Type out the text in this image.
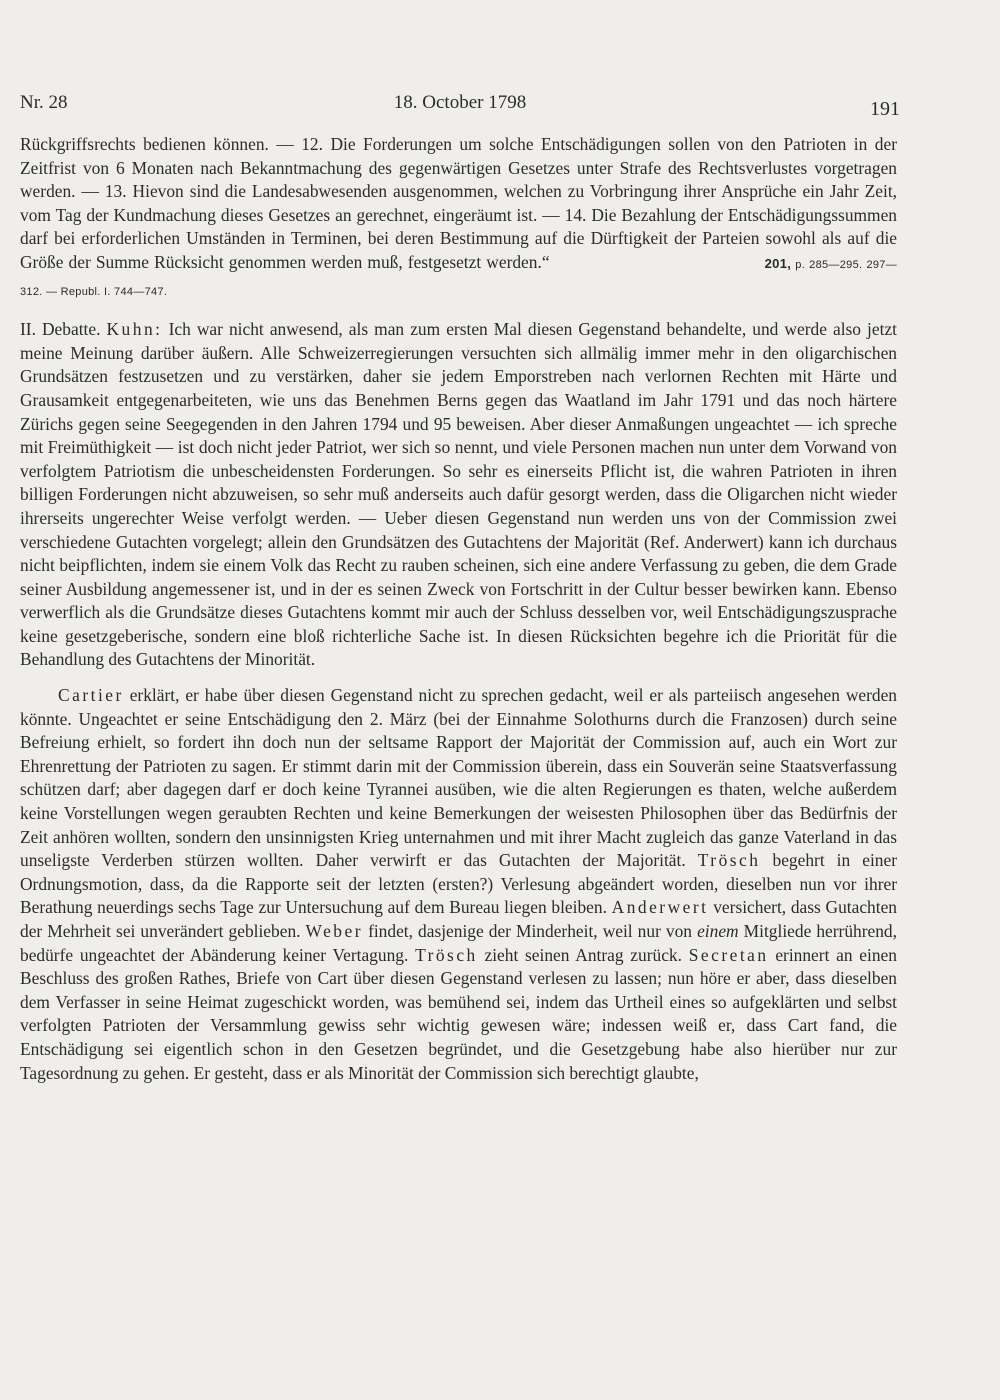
Nr. 28	18. October 1798	191

Rückgriffsrechts bedienen können. — 12. Die Forderungen um solche Entschädigungen sollen von den Patrioten in der Zeitfrist von 6 Monaten nach Bekanntmachung des gegenwärtigen Gesetzes unter Strafe des Rechtsverlustes vorgetragen werden. — 13. Hievon sind die Landesabwesenden ausgenommen, welchen zu Vorbringung ihrer Ansprüche ein Jahr Zeit, vom Tag der Kundmachung dieses Gesetzes an gerechnet, eingeräumt ist. — 14. Die Bezahlung der Entschädigungssummen darf bei erforderlichen Umständen in Terminen, bei deren Bestimmung auf die Dürftigkeit der Parteien sowohl als auf die Größe der Summe Rücksicht genommen werden muß, festgesetzt werden.“	201, p. 285—295. 297—312. — Republ. I. 744—747.

II. Debatte. Kuhn: Ich war nicht anwesend, als man zum ersten Mal diesen Gegenstand behandelte, und werde also jetzt meine Meinung darüber äußern. Alle Schweizerregierungen versuchten sich allmälig immer mehr in den oligarchischen Grundsätzen festzusetzen und zu verstärken, daher sie jedem Emporstreben nach verlornen Rechten mit Härte und Grausamkeit entgegenarbeiteten, wie uns das Benehmen Berns gegen das Waatland im Jahr 1791 und das noch härtere Zürichs gegen seine Seegegenden in den Jahren 1794 und 95 beweisen. Aber dieser Anmaßungen ungeachtet — ich spreche mit Freimüthigkeit — ist doch nicht jeder Patriot, wer sich so nennt, und viele Personen machen nun unter dem Vorwand von verfolgtem Patriotism die unbescheidensten Forderungen. So sehr es einerseits Pflicht ist, die wahren Patrioten in ihren billigen Forderungen nicht abzuweisen, so sehr muß anderseits auch dafür gesorgt werden, dass die Oligarchen nicht wieder ihrerseits ungerechter Weise verfolgt werden. — Ueber diesen Gegenstand nun werden uns von der Commission zwei verschiedene Gutachten vorgelegt; allein den Grundsätzen des Gutachtens der Majorität (Ref. Anderwert) kann ich durchaus nicht beipflichten, indem sie einem Volk das Recht zu rauben scheinen, sich eine andere Verfassung zu geben, die dem Grade seiner Ausbildung angemessener ist, und in der es seinen Zweck von Fortschritt in der Cultur besser bewirken kann. Ebenso verwerflich als die Grundsätze dieses Gutachtens kommt mir auch der Schluss desselben vor, weil Entschädigungszusprache keine gesetzgeberische, sondern eine bloß richterliche Sache ist. In diesen Rücksichten begehre ich die Priorität für die Behandlung des Gutachtens der Minorität.

Cartier erklärt, er habe über diesen Gegenstand nicht zu sprechen gedacht, weil er als parteiisch angesehen werden könnte. Ungeachtet er seine Entschädigung den 2. März (bei der Einnahme Solothurns durch die Franzosen) durch seine Befreiung erhielt, so fordert ihn doch nun der seltsame Rapport der Majorität der Commission auf, auch ein Wort zur Ehrenrettung der Patrioten zu sagen. Er stimmt darin mit der Commission überein, dass ein Souverän seine Staatsverfassung schützen darf; aber dagegen darf er doch keine Tyrannei ausüben, wie die alten Regierungen es thaten, welche außerdem keine Vorstellungen wegen geraubten Rechten und keine Bemerkungen der weisesten Philosophen über das Bedürfnis der Zeit anhören wollten, sondern den unsinnigsten Krieg unternahmen und mit ihrer Macht zugleich das ganze Vaterland in das unseligste Verderben stürzen wollten. Daher verwirft er das Gutachten der Majorität. Trösch begehrt in einer Ordnungsmotion, dass, da die Rapporte seit der letzten (ersten?) Verlesung abgeändert worden, dieselben nun vor ihrer Berathung neuerdings sechs Tage zur Untersuchung auf dem Bureau liegen bleiben. Anderwert versichert, dass Gutachten der Mehrheit sei unverändert geblieben. Weber findet, dasjenige der Minderheit, weil nur von einem Mitgliede herrührend, bedürfe ungeachtet der Abänderung keiner Vertagung. Trösch zieht seinen Antrag zurück. Secretan erinnert an einen Beschluss des großen Rathes, Briefe von Cart über diesen Gegenstand verlesen zu lassen; nun höre er aber, dass dieselben dem Verfasser in seine Heimat zugeschickt worden, was bemühend sei, indem das Urtheil eines so aufgeklärten und selbst verfolgten Patrioten der Versammlung gewiss sehr wichtig gewesen wäre; indessen weiß er, dass Cart fand, die Entschädigung sei eigentlich schon in den Gesetzen begründet, und die Gesetzgebung habe also hierüber nur zur Tagesordnung zu gehen. Er gesteht, dass er als Minorität der Commission sich berechtigt glaubte,
